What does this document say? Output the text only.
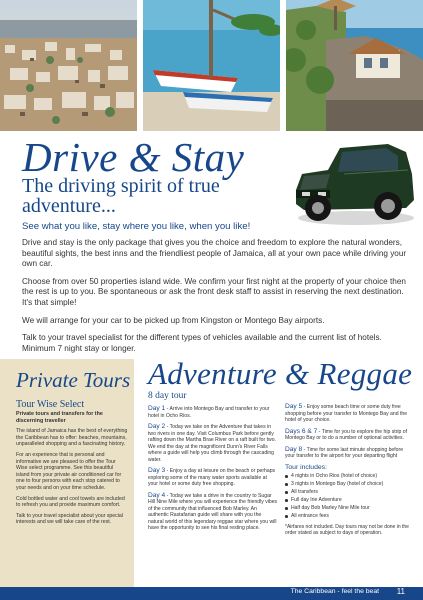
Drive & Stay
The driving spirit of true adventure...
See what you like, stay where you like, when you like!

Drive and stay is the only package that gives you the choice and freedom to explore the natural wonders, beautiful sights, the best inns and the friendliest people of Jamaica, all at your own pace while driving your own car.

Choose from over 50 properties island wide. We confirm your first night at the property of your choice then the rest is up to you. Be spontaneous or ask the front desk staff to assist in reserving the next destination. It's that simple!

We will arrange for your car to be picked up from Kingston or Montego Bay airports.

Talk to your travel specialist for the different types of vehicles available and the current list of hotels. Minimum 7 night stay or longer.

Private Tours
Tour Wise Select

Private tours and transfers for the discerning traveller

The island of Jamaica has the best of everything the Caribbean has to offer: beaches, mountains, unparalleled shopping and a fascinating history.

For an experience that is personal and informative we are pleased to offer the Tour Wise select programme. See this beautiful island from your private air conditioned car for one to four persons with each stop catered to your needs and on your time schedule.

Cold bottled water and cool towels are included to refresh you and provide maximum comfort.

Talk to your travel specialist about your special interests and we will take care of the rest.

Adventure & Reggae
8 day tour
Day 1 - Arrive into Montego Bay and transfer to your hotel in Ocho Rios.
Day 2 - Today we take on the Adventure that takes in two rivers in one day. Visit Columbus Park before gently rafting down the Martha Brae River on a raft built for two. We end the day at the magnificent Dunn's River Falls where a guide will help you climb through the cascading water.
Day 3 - Enjoy a day at leisure on the beach or perhaps exploring some of the many water sports available at your hotel or some duty free shopping.
Day 4 - Today we take a drive in the country to Sugar Hill Nine Mile where you will experience the friendly vibes of the community that influenced Bob Marley. An authentic Rastafarian guide will share with you the natural world of this legendary reggae star where you will have the opportunity to see his final resting place.
Day 5 - Enjoy some beach time or some duty free shopping before your transfer to Montego Bay and the hotel of your choice.
Days 6 & 7 - Time for you to explore the hip strip of Montego Bay or to do a number of optional activities.
Day 8 - Time for some last minute shopping before your transfer to the airport for your departing flight
Tour includes:
4 nights in Ocho Rios (hotel of choice)
3 nights in Montego Bay (hotel of choice)
All transfers
Full day Irie Adventure
Half day Bob Marley Nine Mile tour
All entrance fees
*Airfares not included. Day tours may not be done in the order stated as subject to days of operation.
The Caribbean - feel the beat 11
